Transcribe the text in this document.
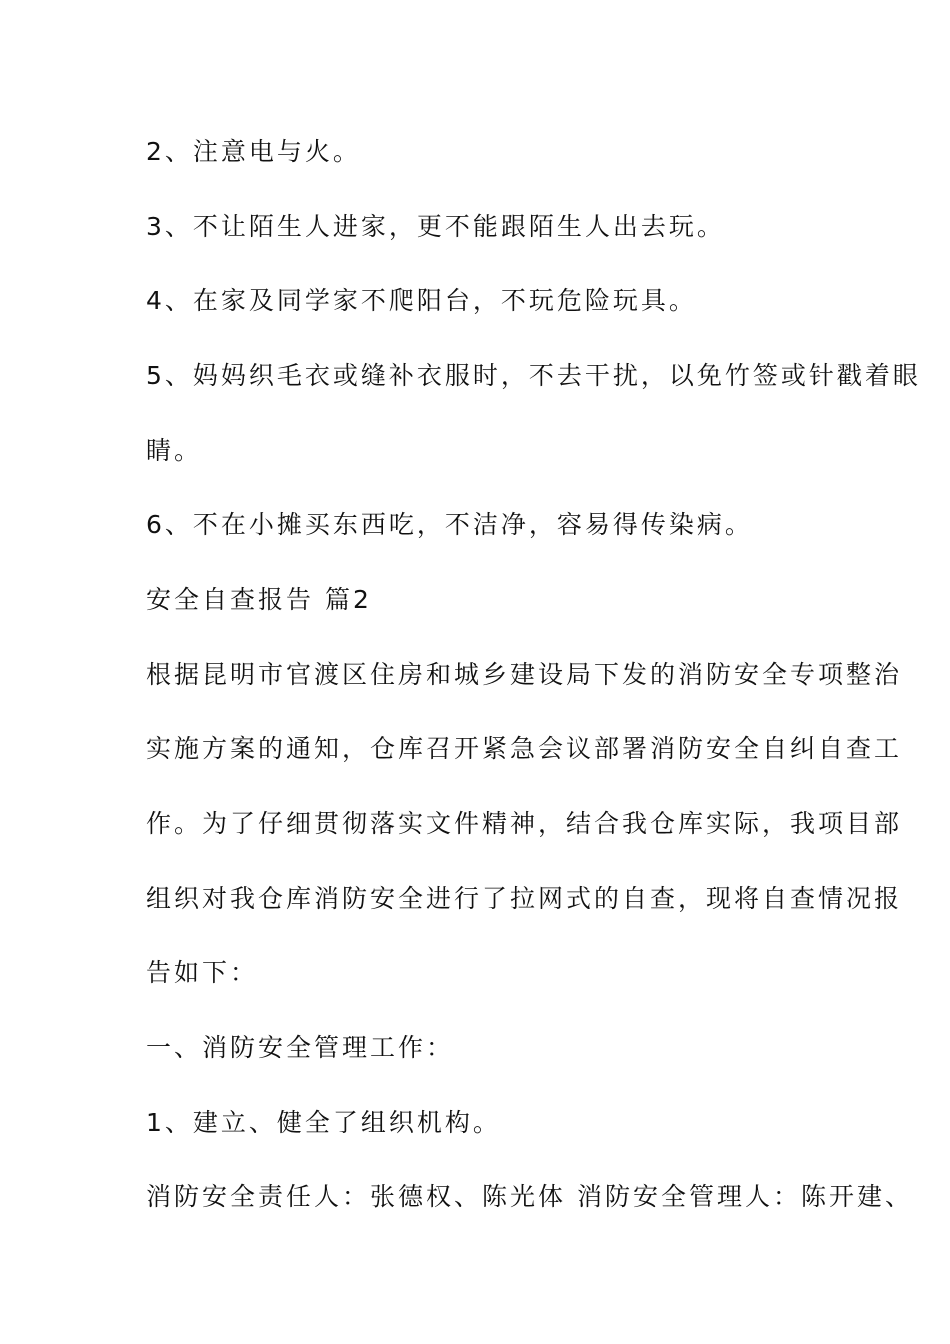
2、注意电与火。

3、不让陌生人进家，更不能跟陌生人出去玩。

4、在家及同学家不爬阳台，不玩危险玩具。

5、妈妈织毛衣或缝补衣服时，不去干扰，以免竹签或针戳着眼

睛。

6、不在小摊买东西吃，不洁净，容易得传染病。

安全自查报告 篇2

根据昆明市官渡区住房和城乡建设局下发的消防安全专项整治

实施方案的通知，仓库召开紧急会议部署消防安全自纠自查工

作。为了仔细贯彻落实文件精神，结合我仓库实际，我项目部

组织对我仓库消防安全进行了拉网式的自查，现将自查情况报

告如下：

一、消防安全管理工作：

1、建立、健全了组织机构。

消防安全责任人：张德权、陈光体 消防安全管理人：陈开建、
